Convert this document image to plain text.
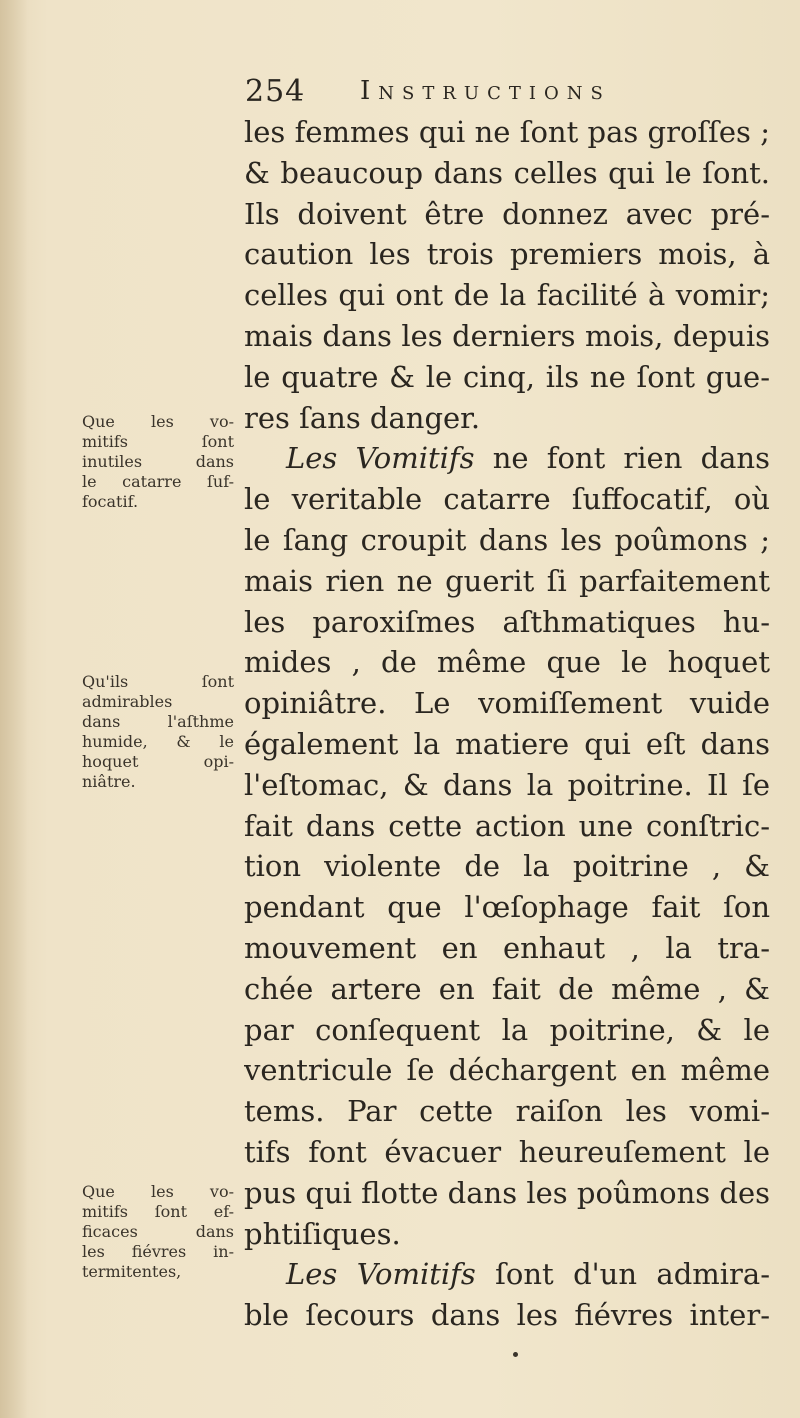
254 Instructions
les femmes qui ne ſont pas groſſes ;
& beaucoup dans celles qui le ſont.
Ils doivent être donnez avec pré-
caution les trois premiers mois, à
celles qui ont de la facilité à vomir;
mais dans les derniers mois, depuis
le quatre & le cinq, ils ne ſont gue-
res ſans danger.
Les Vomitifs ne font rien dans
le veritable catarre ſuffocatif, où
le ſang croupit dans les poûmons ;
mais rien ne guerit ſi parfaitement
les paroxiſmes aſthmatiques hu-
mides , de même que le hoquet
opiniâtre. Le vomiſſement vuide
également la matiere qui eſt dans
l'eſtomac, & dans la poitrine. Il ſe
fait dans cette action une conſtric-
tion violente de la poitrine , &
pendant que l'œſophage fait ſon
mouvement en enhaut , la tra-
chée artere en fait de même , &
par conſequent la poitrine, & le
ventricule ſe déchargent en même
tems. Par cette raiſon les vomi-
tifs font évacuer heureuſement le
pus qui flotte dans les poûmons des
phtiſiques.
Les Vomitifs ſont d'un admira-
ble ſecours dans les fiévres inter-
Que les vo-
mitifs ſont
inutiles dans
le catarre ſuf-
focatif.
Qu'ils ſont
admirables
dans l'aſthme
humide, & le
hoquet opi-
niâtre.
Que les vo-
mitifs ſont ef-
ficaces dans
les fiévres in-
termitentes,
